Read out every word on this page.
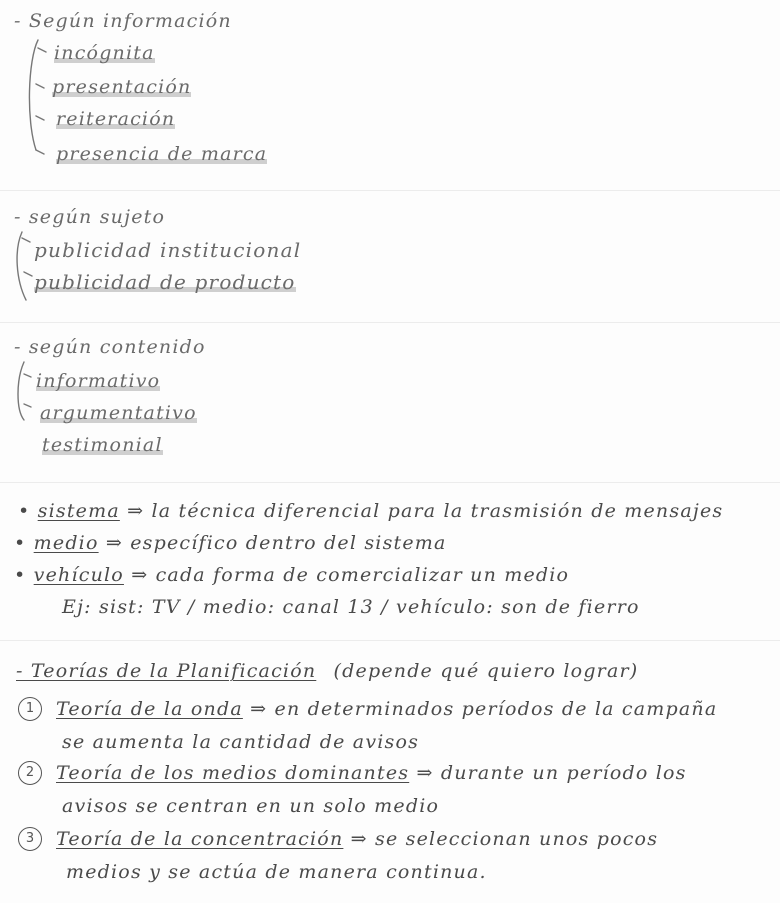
- Según información
incógnita
presentación
reiteración
presencia de marca
- según sujeto
publicidad institucional
publicidad de producto
- según contenido
informativo
argumentativo
testimonial
• sistema ⇒ la técnica diferencial para la trasmisión de mensajes
• medio ⇒ específico dentro del sistema
• vehículo ⇒ cada forma de comercializar un medio
Ej: sist: TV / medio: canal 13 / vehículo: son de fierro
- Teorías de la Planificación (depende qué quiero lograr)
1	Teoría de la onda ⇒ en determinados períodos de la campaña
se aumenta la cantidad de avisos
2	Teoría de los medios dominantes ⇒ durante un período los
avisos se centran en un solo medio
3	Teoría de la concentración ⇒ se seleccionan unos pocos
medios y se actúa de manera continua.
